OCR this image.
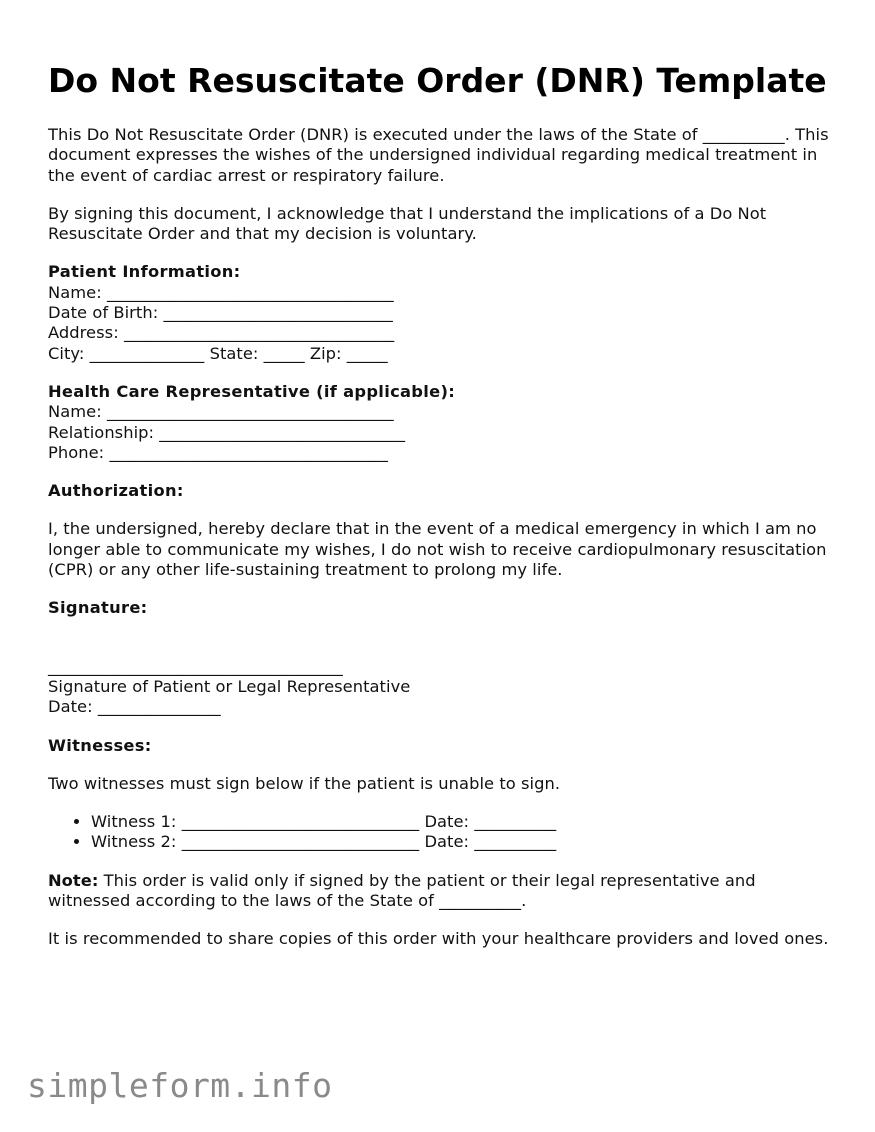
Do Not Resuscitate Order (DNR) Template

This Do Not Resuscitate Order (DNR) is executed under the laws of the State of __________. This document expresses the wishes of the undersigned individual regarding medical treatment in the event of cardiac arrest or respiratory failure.

By signing this document, I acknowledge that I understand the implications of a Do Not Resuscitate Order and that my decision is voluntary.

Patient Information:
Name: ___________________________________
Date of Birth: ____________________________
Address: _________________________________
City: ______________ State: _____ Zip: _____
Health Care Representative (if applicable):
Name: ___________________________________
Relationship: ______________________________
Phone: __________________________________
Authorization:

I, the undersigned, hereby declare that in the event of a medical emergency in which I am no longer able to communicate my wishes, I do not wish to receive cardiopulmonary resuscitation (CPR) or any other life-sustaining treatment to prolong my life.

Signature:
____________________________________
Signature of Patient or Legal Representative
Date: _______________
Witnesses:

Two witnesses must sign below if the patient is unable to sign.

• Witness 1: _____________________________ Date: __________
• Witness 2: _____________________________ Date: __________

Note: This order is valid only if signed by the patient or their legal representative and witnessed according to the laws of the State of __________.

It is recommended to share copies of this order with your healthcare providers and loved ones.

simpleform.info
